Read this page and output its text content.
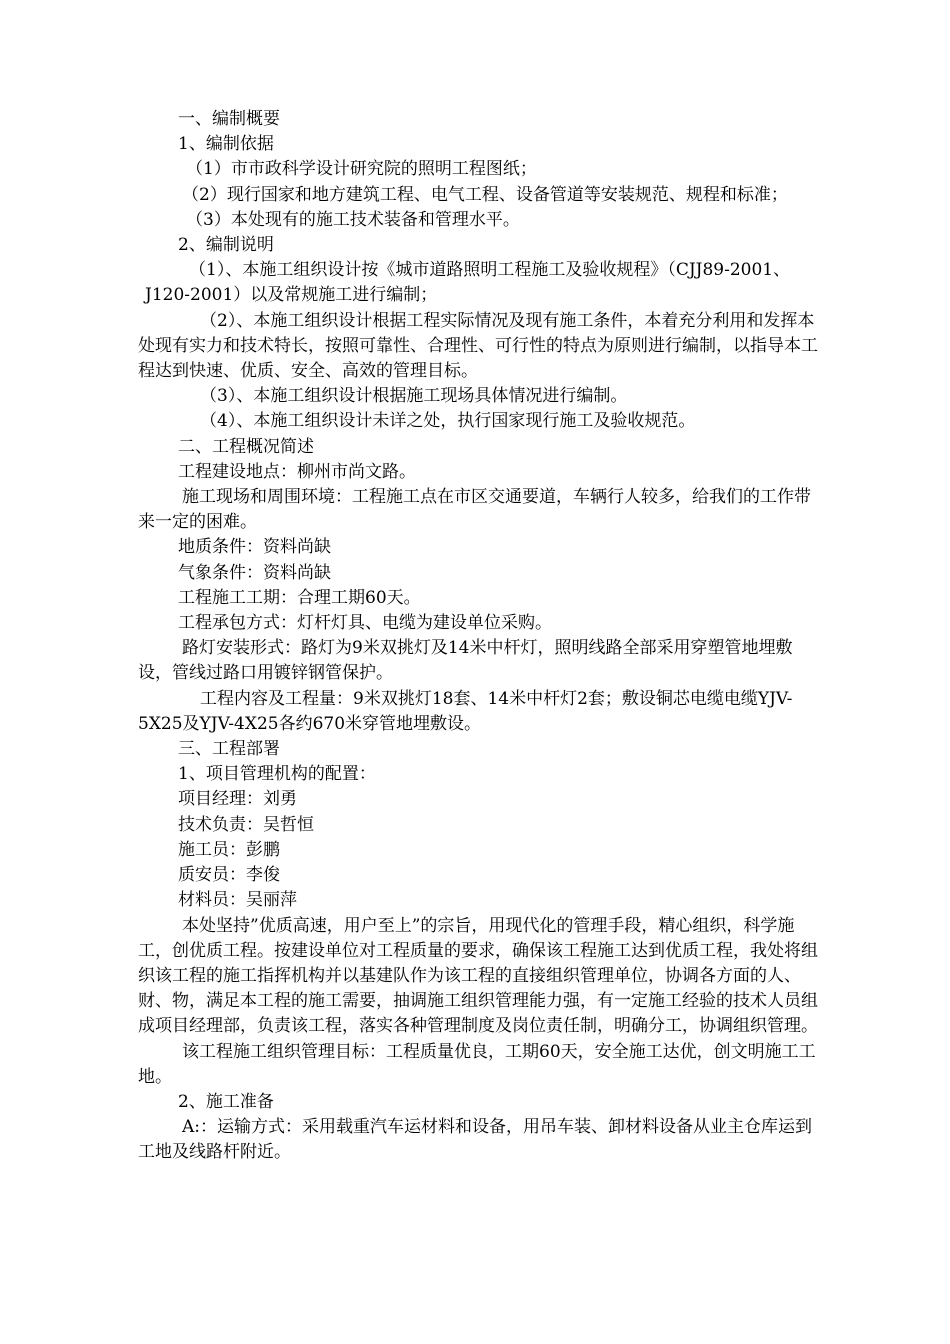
一、编制概要

1、编制依据

（1）市市政科学设计研究院的照明工程图纸；

（2）现行国家和地方建筑工程、电气工程、设备管道等安装规范、规程和标准；

（3）本处现有的施工技术装备和管理水平。

2、编制说明

（1）、本施工组织设计按《城市道路照明工程施工及验收规程》（CJJ89-2001、J120-2001）以及常规施工进行编制；

（2）、本施工组织设计根据工程实际情况及现有施工条件，本着充分利用和发挥本处现有实力和技术特长，按照可靠性、合理性、可行性的特点为原则进行编制，以指导本工程达到快速、优质、安全、高效的管理目标。

（3）、本施工组织设计根据施工现场具体情况进行编制。

（4）、本施工组织设计未详之处，执行国家现行施工及验收规范。

二、工程概况简述

工程建设地点：柳州市尚文路。

施工现场和周围环境：工程施工点在市区交通要道，车辆行人较多，给我们的工作带来一定的困难。

地质条件：资料尚缺

气象条件：资料尚缺

工程施工工期：合理工期60天。

工程承包方式：灯杆灯具、电缆为建设单位采购。

路灯安装形式：路灯为9米双挑灯及14米中杆灯，照明线路全部采用穿塑管地埋敷设，管线过路口用镀锌钢管保护。

工程内容及工程量：9米双挑灯18套、14米中杆灯2套；敷设铜芯电缆电缆YJV-5X25及YJV-4X25各约670米穿管地埋敷设。

三、工程部署

1、项目管理机构的配置：

项目经理：刘勇

技术负责：吴哲恒

施工员：彭鹏

质安员：李俊

材料员：吴丽萍

本处坚持”优质高速，用户至上”的宗旨，用现代化的管理手段，精心组织，科学施工，创优质工程。按建设单位对工程质量的要求，确保该工程施工达到优质工程，我处将组织该工程的施工指挥机构并以基建队作为该工程的直接组织管理单位，协调各方面的人、财、物，满足本工程的施工需要，抽调施工组织管理能力强，有一定施工经验的技术人员组成项目经理部，负责该工程，落实各种管理制度及岗位责任制，明确分工，协调组织管理。

该工程施工组织管理目标：工程质量优良，工期60天，安全施工达优，创文明施工工地。

2、施工准备

A:：运输方式：采用载重汽车运材料和设备，用吊车装、卸材料设备从业主仓库运到工地及线路杆附近。
